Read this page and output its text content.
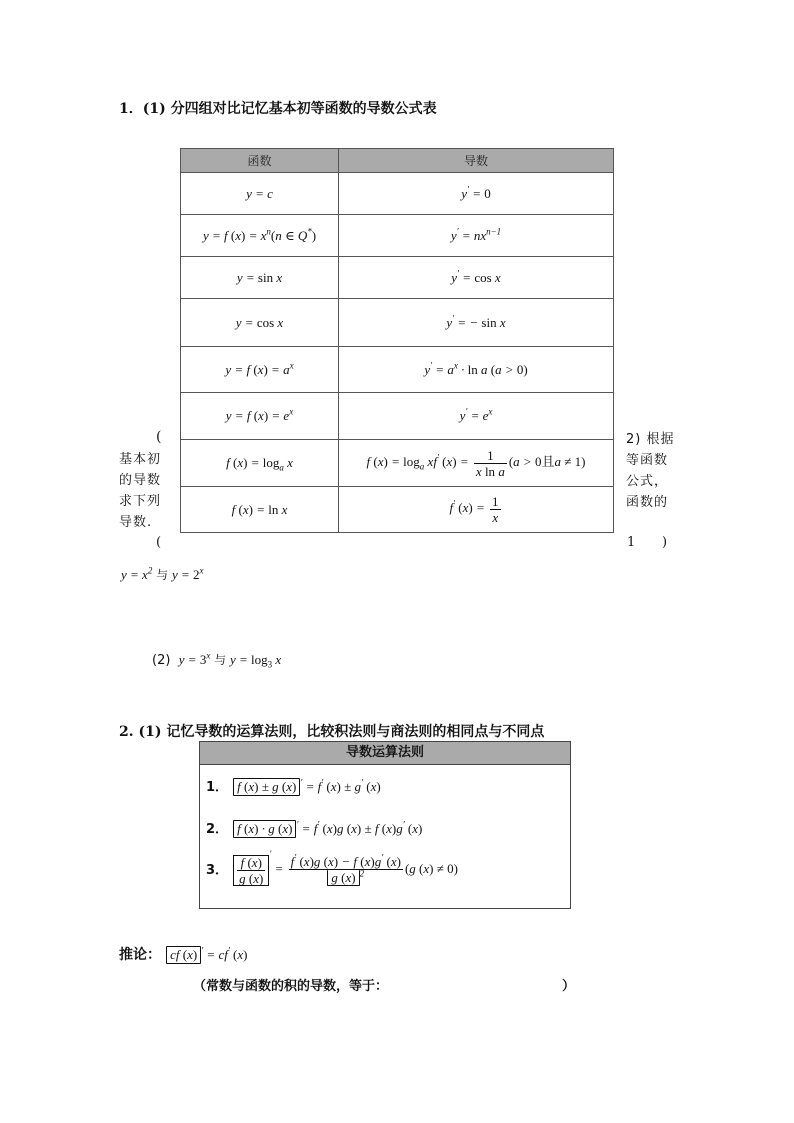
1．(1) 分四组对比记忆基本初等函数的导数公式表
函数	导数
y = c	y′ = 0
y = f $(x) = x^n(n$ ∈ Q*)	$y' = nx^{n-1}$
y = sin x	y′ = cos x
y = cos x	y′ = − sin x
y = f $(x) = a^x$	$y' = a^x \cdot \ln a$ (a > 0)
y = f $(x) = e^x$	$y' = e^x$
f $(x) = \log_a x$	f $(x) = \log_a xf'$ $(x) = \frac{1}{\text{x ln a}} (a > 0$且a ≠ 1)
f (x) = ln x	f′ $(x) = \frac{1}{x}$
(
基本初
的导数
求下列
导数.
(
2) 根据
等函数
公式，
函数的
1 )
$y = x^2$ 与 $y = 2^x$
(2)  $y = 3^x$ 与 $y = \log_3 x$
2. (1) 记忆导数的运算法则，比较积法则与商法则的相同点与不同点
导数运算法则
1． f (x) ± g (x) ′ = f′ (x) ± g′ (x)
2． f (x) · g (x) ′ = f′ (x)g (x) ± f (x)g′ (x)
3． $\frac{f (x)}{g (x)}$
$' = \frac{f' (x)g (x) - f (x)g' (x)}{g (x) ^2} (g$ (x) ≠ 0)
推论： cf (x) ′ = cf′ (x)
（常数与函数的积的导数，等于：	）
